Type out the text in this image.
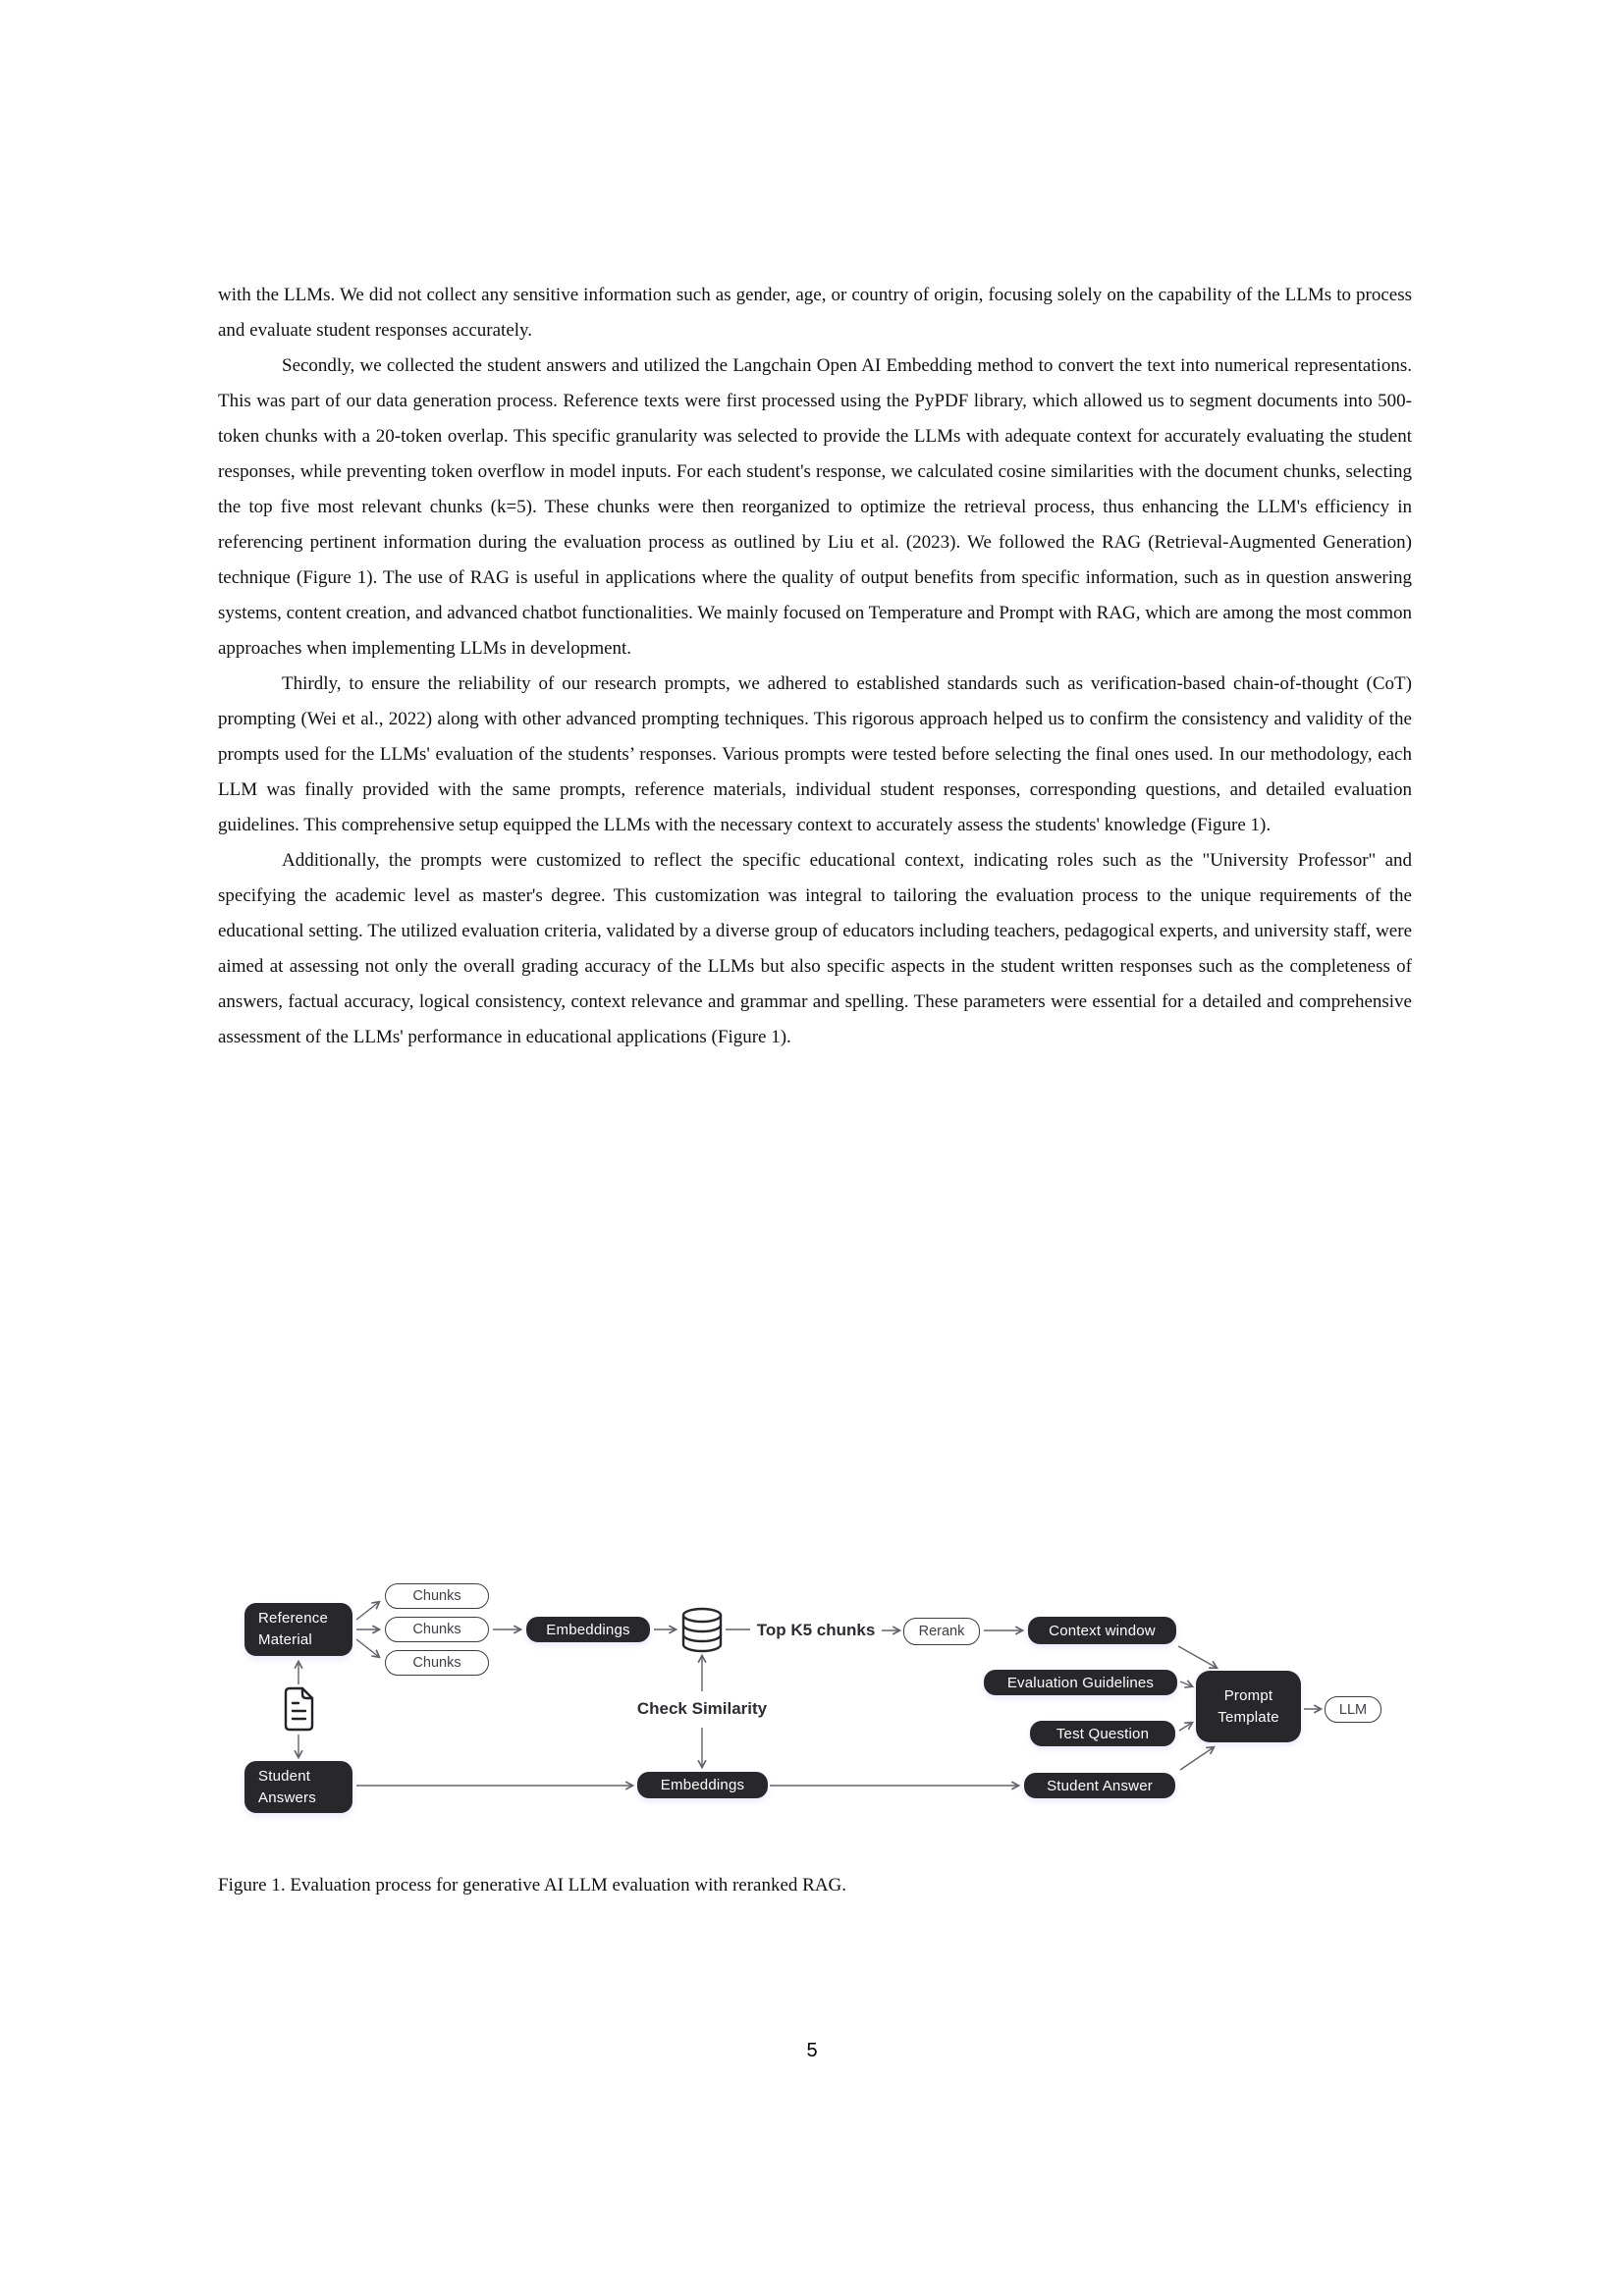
with the LLMs. We did not collect any sensitive information such as gender, age, or country of origin, focusing solely on the capability of the LLMs to process and evaluate student responses accurately.

Secondly, we collected the student answers and utilized the Langchain Open AI Embedding method to convert the text into numerical representations. This was part of our data generation process. Reference texts were first processed using the PyPDF library, which allowed us to segment documents into 500-token chunks with a 20-token overlap. This specific granularity was selected to provide the LLMs with adequate context for accurately evaluating the student responses, while preventing token overflow in model inputs. For each student's response, we calculated cosine similarities with the document chunks, selecting the top five most relevant chunks (k=5). These chunks were then reorganized to optimize the retrieval process, thus enhancing the LLM's efficiency in referencing pertinent information during the evaluation process as outlined by Liu et al. (2023). We followed the RAG (Retrieval-Augmented Generation) technique (Figure 1). The use of RAG is useful in applications where the quality of output benefits from specific information, such as in question answering systems, content creation, and advanced chatbot functionalities. We mainly focused on Temperature and Prompt with RAG, which are among the most common approaches when implementing LLMs in development.

Thirdly, to ensure the reliability of our research prompts, we adhered to established standards such as verification-based chain-of-thought (CoT) prompting (Wei et al., 2022) along with other advanced prompting techniques. This rigorous approach helped us to confirm the consistency and validity of the prompts used for the LLMs' evaluation of the students’ responses. Various prompts were tested before selecting the final ones used. In our methodology, each LLM was finally provided with the same prompts, reference materials, individual student responses, corresponding questions, and detailed evaluation guidelines. This comprehensive setup equipped the LLMs with the necessary context to accurately assess the students' knowledge (Figure 1).

Additionally, the prompts were customized to reflect the specific educational context, indicating roles such as the "University Professor" and specifying the academic level as master's degree. This customization was integral to tailoring the evaluation process to the unique requirements of the educational setting. The utilized evaluation criteria, validated by a diverse group of educators including teachers, pedagogical experts, and university staff, were aimed at assessing not only the overall grading accuracy of the LLMs but also specific aspects in the student written responses such as the completeness of answers, factual accuracy, logical consistency, context relevance and grammar and spelling. These parameters were essential for a detailed and comprehensive assessment of the LLMs' performance in educational applications (Figure 1).

Reference Material
Chunks
Chunks
Chunks
Embeddings	Top K5 chunks	Rerank	Context window
Evaluation Guidelines
Prompt Template	LLM
Test Question
Student Answer
Check Similarity
Embeddings
Student Answers
Figure 1. Evaluation process for generative AI LLM evaluation with reranked RAG.
5
